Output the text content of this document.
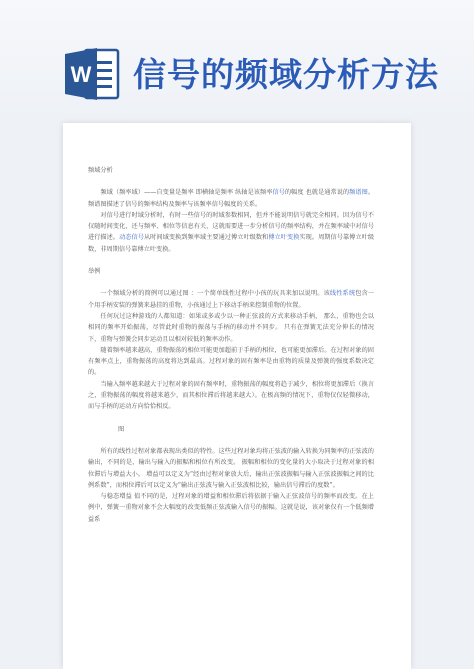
W 信号的频域分析方法

频域分析

频域（频率域）——自变量是频率 即横轴是频率 纵轴是该频率信号的幅度 也就是通常说的频谱图。频谱图描述了信号的频率结构及频率与该频率信号幅度的关系。

对信号进行时域分析时，有时一些信号的时域参数相同，但并不能说明信号就完全相同。因为信号不仅随时间变化，还与频率、相位等信息有关，这就需要进一步分析信号的频率结构，并在频率域中对信号进行描述。动态信号从时间域变换到频率域主要通过傅立叶级数和傅立叶变换实现。周期信号靠傅立叶级数，非周期信号靠傅立叶变换。

举例

一个频域分析的简例可以通过图 ：一个简单线性过程中小孩的玩具来加以说明。该线性系统包含一个用手柄安装的弹簧来悬挂的重物，小孩通过上下移动手柄来控制重物的位置。

任何玩过这种游戏的人都知道：如果或多或少以一种正弦波的方式来移动手柄， 那么，重物也会以相同的频率开始振荡，尽管此时重物的振荡与手柄的移动并不同步。 只有在弹簧无法充分伸长的情况下，重物与弹簧会同步运动且以相对较低的频率动作。

随着频率越来越高，重物振荡的相位可能更加超前于手柄的相位，也可能更加滞后。在过程对象的固有频率点上，重物振荡的高度将达到最高。过程对象的固有频率是由重物的质量及弹簧的强度系数决定的。

当输入频率越来越大于过程对象的固有频率时，重物振荡的幅度将趋于减少，相位将更加滞后（换言之，重物振荡的幅度将越来越少，而其相位滞后将越来越大）。在极高频的情况下，重物仅仅轻微移动，而与手柄的运动方向恰恰相反。

图

所有的线性过程对象都表现出类似的特性。这些过程对象均将正弦波的输入转换为同频率的正弦波的输出，不同的是，输出与输入的振幅和相位有所改变。 振幅和相位的变化量的大小取决于过程对象的相位滞后与增益大小。 增益可以定义为“经由过程对象放大后，输出正弦波振幅与输入正弦波振幅之间的比例系数”，而相位滞后可以定义为“输出正弦波与输入正弦波相比较，输出信号滞后的度数”。

与稳态增益 值不同的是，过程对象的增益和相位滞后将依据于输入正弦波信号的频率而改变。在上例中，弹簧一重物对象不会大幅度的改变低频正弦波输入信号的振幅。这就是说，该对象仅有一个低频增益系
